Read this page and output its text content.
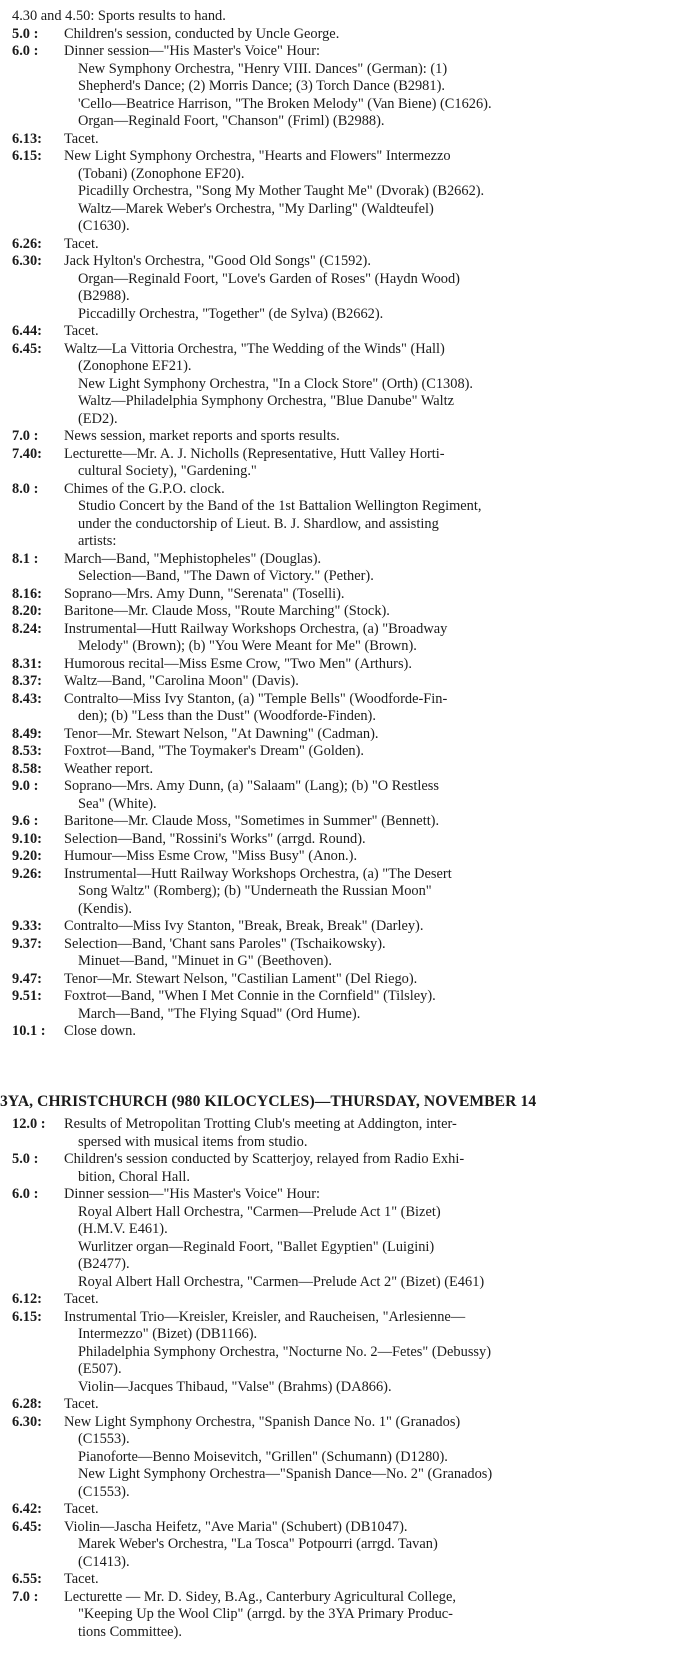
4.30 and 4.50: Sports results to hand.
5.0 : Children's session, conducted by Uncle George.
6.0 : Dinner session—"His Master's Voice" Hour:
New Symphony Orchestra, "Henry VIII. Dances" (German): (1)
Shepherd's Dance; (2) Morris Dance; (3) Torch Dance (B2981).
'Cello—Beatrice Harrison, "The Broken Melody" (Van Biene) (C1626).
Organ—Reginald Foort, "Chanson" (Friml) (B2988).
6.13: Tacet.
6.15: New Light Symphony Orchestra, "Hearts and Flowers" Intermezzo
(Tobani) (Zonophone EF20).
Picadilly Orchestra, "Song My Mother Taught Me" (Dvorak) (B2662).
Waltz—Marek Weber's Orchestra, "My Darling" (Waldteufel)
(C1630).
6.26: Tacet.
6.30: Jack Hylton's Orchestra, "Good Old Songs" (C1592).
Organ—Reginald Foort, "Love's Garden of Roses" (Haydn Wood)
(B2988).
Piccadilly Orchestra, "Together" (de Sylva) (B2662).
6.44: Tacet.
6.45: Waltz—La Vittoria Orchestra, "The Wedding of the Winds" (Hall)
(Zonophone EF21).
New Light Symphony Orchestra, "In a Clock Store" (Orth) (C1308).
Waltz—Philadelphia Symphony Orchestra, "Blue Danube" Waltz
(ED2).
7.0 : News session, market reports and sports results.
7.40: Lecturette—Mr. A. J. Nicholls (Representative, Hutt Valley Horti-
cultural Society), "Gardening."
8.0 : Chimes of the G.P.O. clock.
Studio Concert by the Band of the 1st Battalion Wellington Regiment,
under the conductorship of Lieut. B. J. Shardlow, and assisting
artists:
8.1 : March—Band, "Mephistopheles" (Douglas).
Selection—Band, "The Dawn of Victory." (Pether).
8.16: Soprano—Mrs. Amy Dunn, "Serenata" (Toselli).
8.20: Baritone—Mr. Claude Moss, "Route Marching" (Stock).
8.24: Instrumental—Hutt Railway Workshops Orchestra, (a) "Broadway
Melody" (Brown); (b) "You Were Meant for Me" (Brown).
8.31: Humorous recital—Miss Esme Crow, "Two Men" (Arthurs).
8.37: Waltz—Band, "Carolina Moon" (Davis).
8.43: Contralto—Miss Ivy Stanton, (a) "Temple Bells" (Woodforde-Fin-
den); (b) "Less than the Dust" (Woodforde-Finden).
8.49: Tenor—Mr. Stewart Nelson, "At Dawning" (Cadman).
8.53: Foxtrot—Band, "The Toymaker's Dream" (Golden).
8.58: Weather report.
9.0 : Soprano—Mrs. Amy Dunn, (a) "Salaam" (Lang); (b) "O Restless
Sea" (White).
9.6 : Baritone—Mr. Claude Moss, "Sometimes in Summer" (Bennett).
9.10: Selection—Band, "Rossini's Works" (arrgd. Round).
9.20: Humour—Miss Esme Crow, "Miss Busy" (Anon.).
9.26: Instrumental—Hutt Railway Workshops Orchestra, (a) "The Desert
Song Waltz" (Romberg); (b) "Underneath the Russian Moon"
(Kendis).
9.33: Contralto—Miss Ivy Stanton, "Break, Break, Break" (Darley).
9.37: Selection—Band, 'Chant sans Paroles" (Tschaikowsky).
Minuet—Band, "Minuet in G" (Beethoven).
9.47: Tenor—Mr. Stewart Nelson, "Castilian Lament" (Del Riego).
9.51: Foxtrot—Band, "When I Met Connie in the Cornfield" (Tilsley).
March—Band, "The Flying Squad" (Ord Hume).
10.1 : Close down.
3YA, CHRISTCHURCH (980 KILOCYCLES)—THURSDAY, NOVEMBER 14
12.0 : Results of Metropolitan Trotting Club's meeting at Addington, inter-
spersed with musical items from studio.
5.0 : Children's session conducted by Scatterjoy, relayed from Radio Exhi-
bition, Choral Hall.
6.0 : Dinner session—"His Master's Voice" Hour:
Royal Albert Hall Orchestra, "Carmen—Prelude Act 1" (Bizet)
(H.M.V. E461).
Wurlitzer organ—Reginald Foort, "Ballet Egyptien" (Luigini)
(B2477).
Royal Albert Hall Orchestra, "Carmen—Prelude Act 2" (Bizet) (E461)
6.12: Tacet.
6.15: Instrumental Trio—Kreisler, Kreisler, and Raucheisen, "Arlesienne—
Intermezzo" (Bizet) (DB1166).
Philadelphia Symphony Orchestra, "Nocturne No. 2—Fetes" (Debussy)
(E507).
Violin—Jacques Thibaud, "Valse" (Brahms) (DA866).
6.28: Tacet.
6.30: New Light Symphony Orchestra, "Spanish Dance No. 1" (Granados)
(C1553).
Pianoforte—Benno Moisevitch, "Grillen" (Schumann) (D1280).
New Light Symphony Orchestra—"Spanish Dance—No. 2" (Granados)
(C1553).
6.42: Tacet.
6.45: Violin—Jascha Heifetz, "Ave Maria" (Schubert) (DB1047).
Marek Weber's Orchestra, "La Tosca" Potpourri (arrgd. Tavan)
(C1413).
6.55: Tacet.
7.0 : Lecturette — Mr. D. Sidey, B.Ag., Canterbury Agricultural College,
"Keeping Up the Wool Clip" (arrgd. by the 3YA Primary Produc-
tions Committee).
